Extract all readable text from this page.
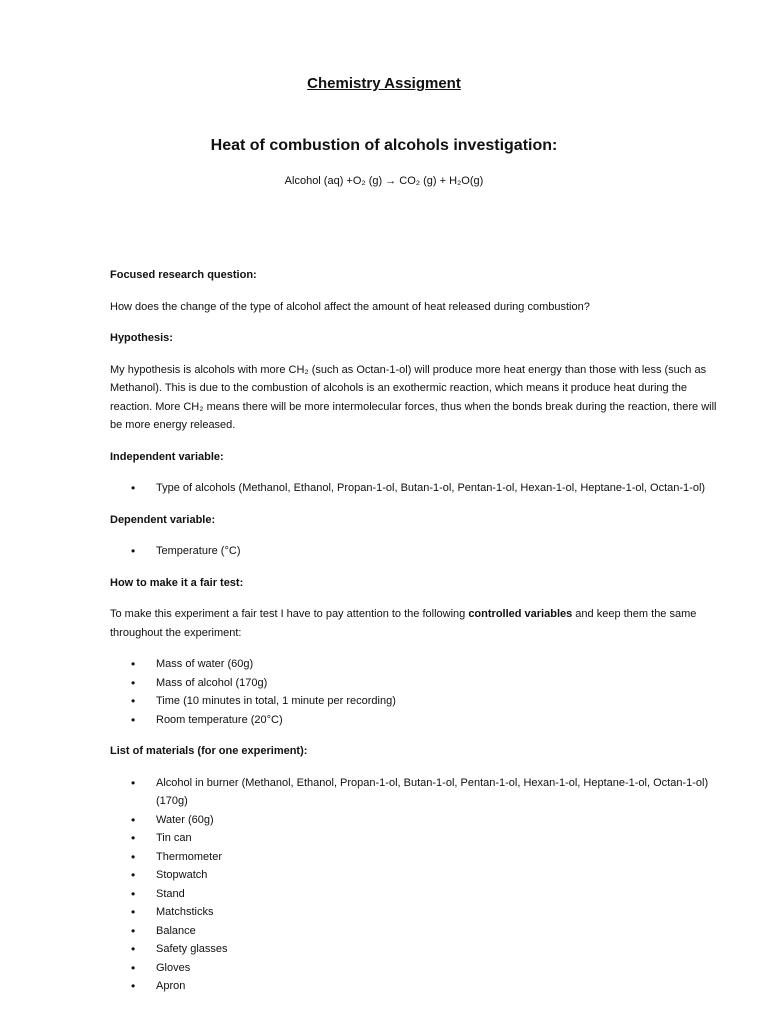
Chemistry Assigment
Heat of combustion of alcohols investigation:
Alcohol (aq) +O₂ (g) → CO₂ (g) + H₂O(g)

Focused research question:

How does the change of the type of alcohol affect the amount of heat released during combustion?

Hypothesis:

My hypothesis is alcohols with more CH₂ (such as Octan-1-ol) will produce more heat energy than those with less (such as Methanol). This is due to the combustion of alcohols is an exothermic reaction, which means it produce heat during the reaction. More CH₂ means there will be more intermolecular forces, thus when the bonds break during the reaction, there will be more energy released.

Independent variable:

• Type of alcohols (Methanol, Ethanol, Propan-1-ol, Butan-1-ol, Pentan-1-ol, Hexan-1-ol, Heptane-1-ol, Octan-1-ol)

Dependent variable:

• Temperature (°C)

How to make it a fair test:

To make this experiment a fair test I have to pay attention to the following controlled variables and keep them the same throughout the experiment:

• Mass of water (60g)
• Mass of alcohol (170g)
• Time (10 minutes in total, 1 minute per recording)
• Room temperature (20°C)

List of materials (for one experiment):

• Alcohol in burner (Methanol, Ethanol, Propan-1-ol, Butan-1-ol, Pentan-1-ol, Hexan-1-ol, Heptane-1-ol, Octan-1-ol)(170g)
• Water (60g)
• Tin can
• Thermometer
• Stopwatch
• Stand
• Matchsticks
• Balance
• Safety glasses
• Gloves
• Apron
